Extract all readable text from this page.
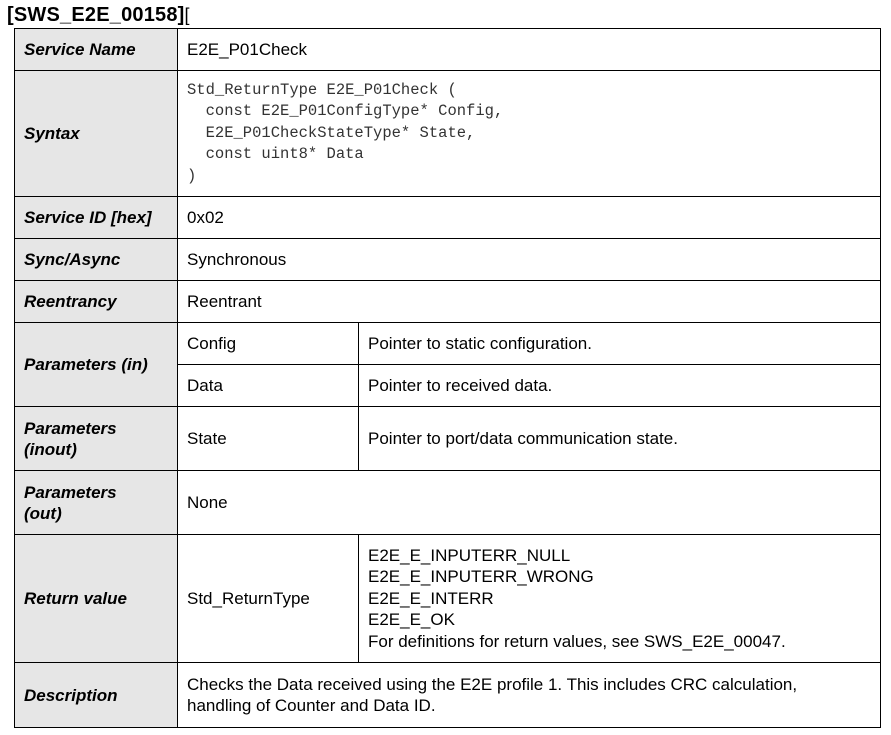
[SWS_E2E_00158][
Service Name	E2E_P01Check	
Syntax	Std_ReturnType E2E_P01Check (
const E2E_P01ConfigType* Config,
E2E_P01CheckStateType* State,
const uint8* Data
)	

Service ID [hex]	0x02	
Sync/Async	Synchronous	
Reentrancy	Reentrant	
Parameters (in)	Config	Pointer to static configuration.
	Data	Pointer to received data.

Parameters
(inout)	State	Pointer to port/data communication state.

Parameters
(out)	None	
Return value	Std_ReturnType	E2E_E_INPUTERR_NULL
E2E_E_INPUTERR_WRONG
E2E_E_INTERR
E2E_E_OK
For definitions for return values, see SWS_E2E_00047.

Description	Checks the Data received using the E2E profile 1. This includes CRC calculation,
handling of Counter and Data ID.	
